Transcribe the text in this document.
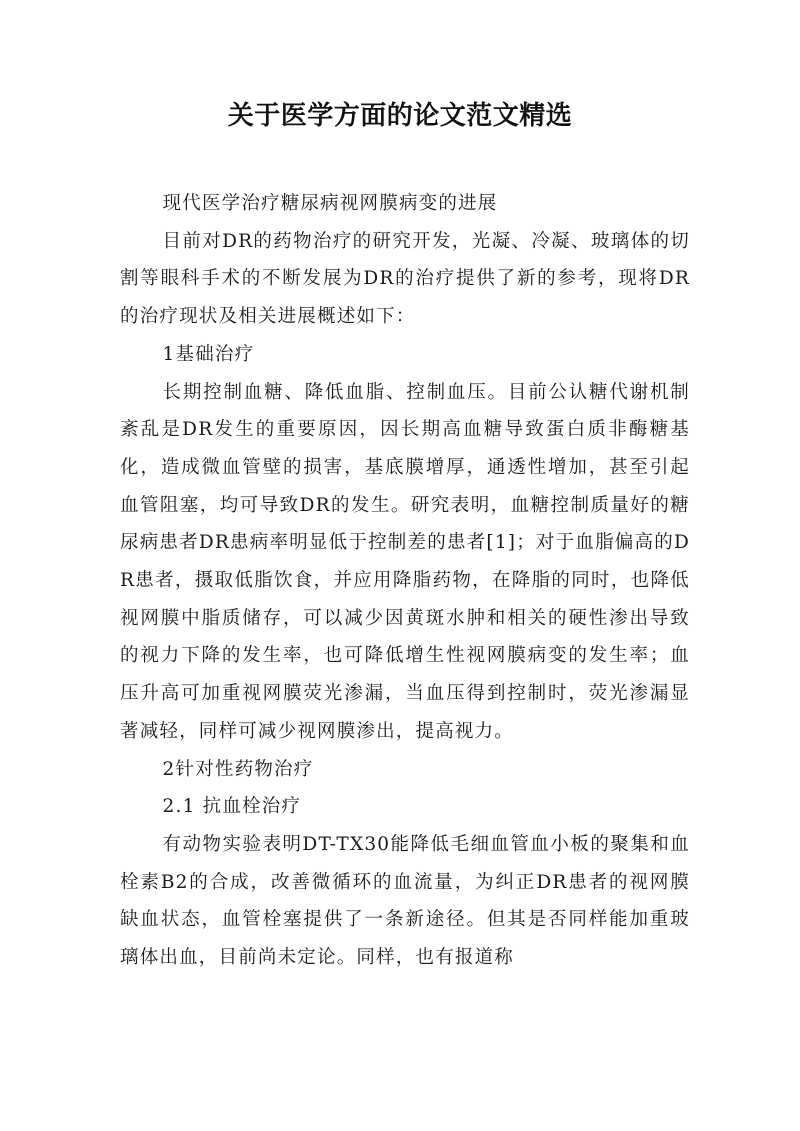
关于医学方面的论文范文精选

现代医学治疗糖尿病视网膜病变的进展

目前对DR的药物治疗的研究开发，光凝、冷凝、玻璃体的切割等眼科手术的不断发展为DR的治疗提供了新的参考，现将DR的治疗现状及相关进展概述如下：

1基础治疗

长期控制血糖、降低血脂、控制血压。目前公认糖代谢机制紊乱是DR发生的重要原因，因长期高血糖导致蛋白质非酶糖基化，造成微血管壁的损害，基底膜增厚，通透性增加，甚至引起血管阻塞，均可导致DR的发生。研究表明，血糖控制质量好的糖尿病患者DR患病率明显低于控制差的患者[1]；对于血脂偏高的DR患者，摄取低脂饮食，并应用降脂药物，在降脂的同时，也降低视网膜中脂质储存，可以减少因黄斑水肿和相关的硬性渗出导致的视力下降的发生率，也可降低增生性视网膜病变的发生率；血压升高可加重视网膜荧光渗漏，当血压得到控制时，荧光渗漏显著减轻，同样可减少视网膜渗出，提高视力。

2针对性药物治疗

2.1 抗血栓治疗

有动物实验表明DT-TX30能降低毛细血管血小板的聚集和血栓素B2的合成，改善微循环的血流量，为纠正DR患者的视网膜缺血状态，血管栓塞提供了一条新途径。但其是否同样能加重玻璃体出血，目前尚未定论。同样，也有报道称
